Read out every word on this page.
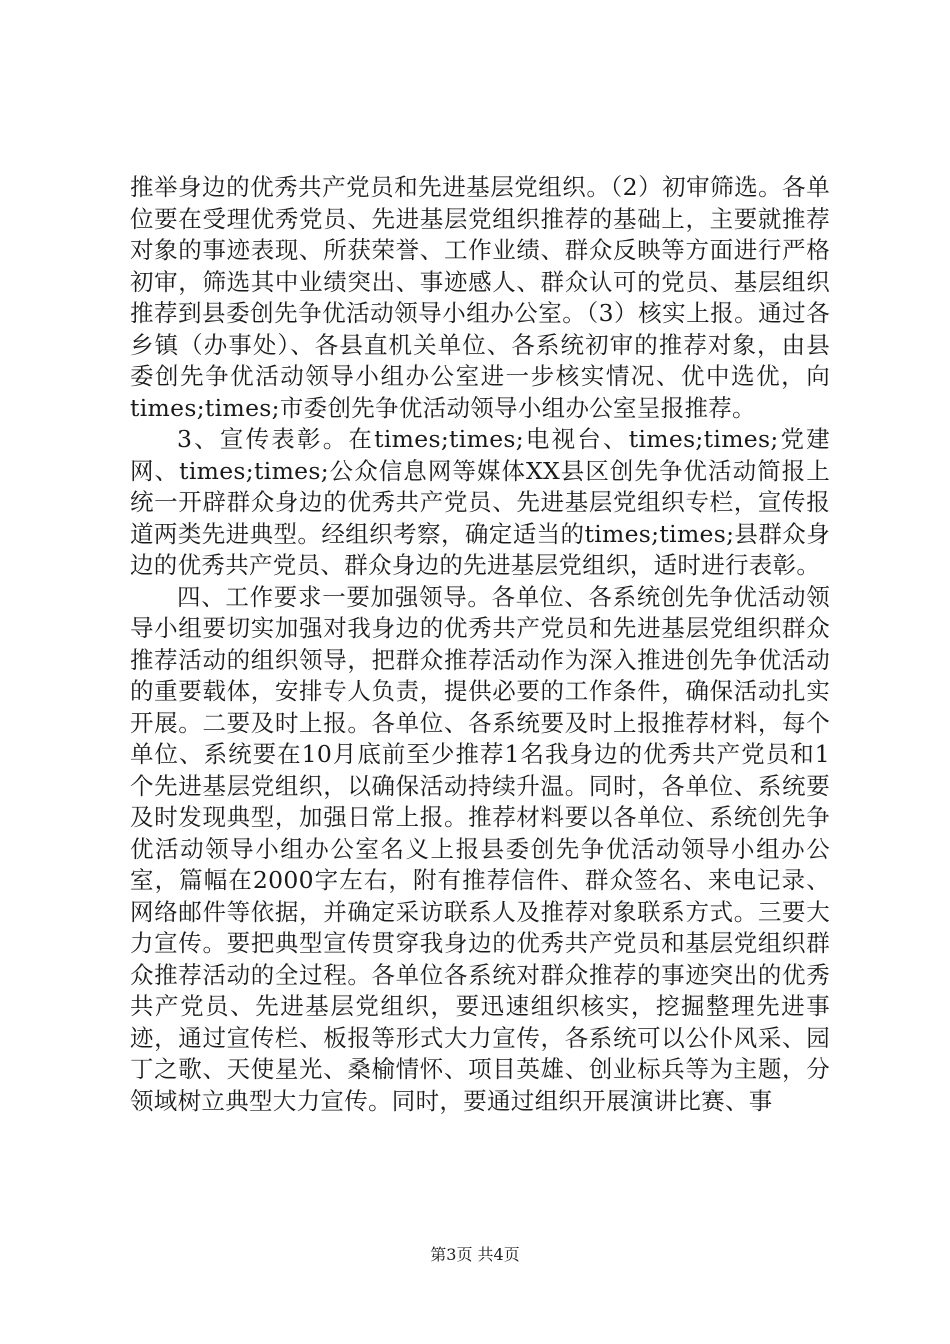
推举身边的优秀共产党员和先进基层党组织。（2）初审筛选。各单位要在受理优秀党员、先进基层党组织推荐的基础上，主要就推荐对象的事迹表现、所获荣誉、工作业绩、群众反映等方面进行严格初审，筛选其中业绩突出、事迹感人、群众认可的党员、基层组织推荐到县委创先争优活动领导小组办公室。（3）核实上报。通过各乡镇（办事处）、各县直机关单位、各系统初审的推荐对象，由县委创先争优活动领导小组办公室进一步核实情况、优中选优，向times;times;市委创先争优活动领导小组办公室呈报推荐。

3、宣传表彰。在times;times;电视台、times;times;党建网、times;times;公众信息网等媒体XX县区创先争优活动简报上统一开辟群众身边的优秀共产党员、先进基层党组织专栏，宣传报道两类先进典型。经组织考察，确定适当的times;times;县群众身边的优秀共产党员、群众身边的先进基层党组织，适时进行表彰。

四、工作要求一要加强领导。各单位、各系统创先争优活动领导小组要切实加强对我身边的优秀共产党员和先进基层党组织群众推荐活动的组织领导，把群众推荐活动作为深入推进创先争优活动的重要载体，安排专人负责，提供必要的工作条件，确保活动扎实开展。二要及时上报。各单位、各系统要及时上报推荐材料，每个单位、系统要在10月底前至少推荐1名我身边的优秀共产党员和1个先进基层党组织，以确保活动持续升温。同时，各单位、系统要及时发现典型，加强日常上报。推荐材料要以各单位、系统创先争优活动领导小组办公室名义上报县委创先争优活动领导小组办公室，篇幅在2000字左右，附有推荐信件、群众签名、来电记录、网络邮件等依据，并确定采访联系人及推荐对象联系方式。三要大力宣传。要把典型宣传贯穿我身边的优秀共产党员和基层党组织群众推荐活动的全过程。各单位各系统对群众推荐的事迹突出的优秀共产党员、先进基层党组织，要迅速组织核实，挖掘整理先进事迹，通过宣传栏、板报等形式大力宣传，各系统可以公仆风采、园丁之歌、天使星光、桑榆情怀、项目英雄、创业标兵等为主题，分领域树立典型大力宣传。同时，要通过组织开展演讲比赛、事

第3页 共4页
